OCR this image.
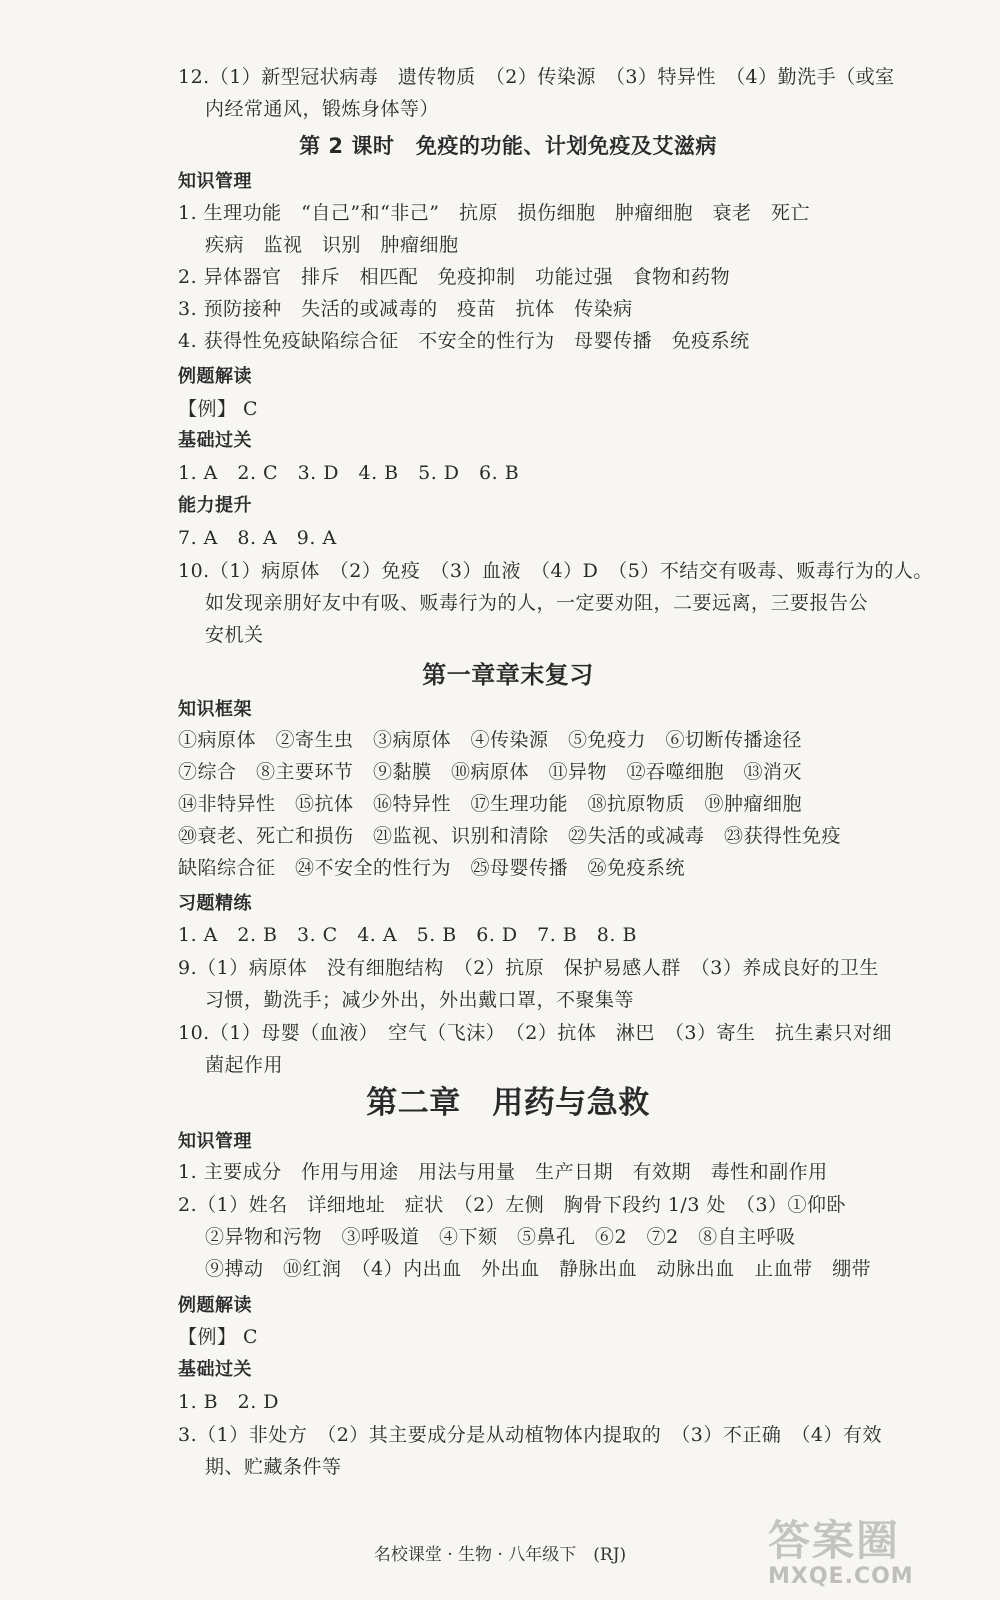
12.（1）新型冠状病毒　遗传物质　（2）传染源　（3）特异性　（4）勤洗手（或室
内经常通风，锻炼身体等）
第 2 课时　免疫的功能、计划免疫及艾滋病
知识管理
1. 生理功能　“自己”和“非己”　抗原　损伤细胞　肿瘤细胞　衰老　死亡
疾病　监视　识别　肿瘤细胞
2. 异体器官　排斥　相匹配　免疫抑制　功能过强　食物和药物
3. 预防接种　失活的或减毒的　疫苗　抗体　传染病
4. 获得性免疫缺陷综合征　不安全的性行为　母婴传播　免疫系统
例题解读
【例】 C
基础过关
1. A　2. C　3. D　4. B　5. D　6. B
能力提升
7. A　8. A　9. A
10.（1）病原体　（2）免疫　（3）血液　（4）D　（5）不结交有吸毒、贩毒行为的人。
如发现亲朋好友中有吸、贩毒行为的人，一定要劝阻，二要远离，三要报告公
安机关
第一章章末复习
知识框架
①病原体　②寄生虫　③病原体　④传染源　⑤免疫力　⑥切断传播途径
⑦综合　⑧主要环节　⑨黏膜　⑩病原体　⑪异物　⑫吞噬细胞　⑬消灭
⑭非特异性　⑮抗体　⑯特异性　⑰生理功能　⑱抗原物质　⑲肿瘤细胞
⑳衰老、死亡和损伤　㉑监视、识别和清除　㉒失活的或减毒　㉓获得性免疫
缺陷综合征　㉔不安全的性行为　㉕母婴传播　㉖免疫系统
习题精练
1. A　2. B　3. C　4. A　5. B　6. D　7. B　8. B
9.（1）病原体　没有细胞结构　（2）抗原　保护易感人群　（3）养成良好的卫生
习惯，勤洗手；减少外出，外出戴口罩，不聚集等
10.（1）母婴（血液）　空气（飞沫）　（2）抗体　淋巴　（3）寄生　抗生素只对细
菌起作用
第二章　用药与急救
知识管理
1. 主要成分　作用与用途　用法与用量　生产日期　有效期　毒性和副作用
2.（1）姓名　详细地址　症状　（2）左侧　胸骨下段约 1/3 处　（3）①仰卧
②异物和污物　③呼吸道　④下颏　⑤鼻孔　⑥2　⑦2　⑧自主呼吸
⑨搏动　⑩红润　（4）内出血　外出血　静脉出血　动脉出血　止血带　绷带
例题解读
【例】 C
基础过关
1. B　2. D
3.（1）非处方　（2）其主要成分是从动植物体内提取的　（3）不正确　（4）有效
期、贮藏条件等
名校课堂 · 生物 · 八年级下　(RJ)	答案圈
MXQE.COM
